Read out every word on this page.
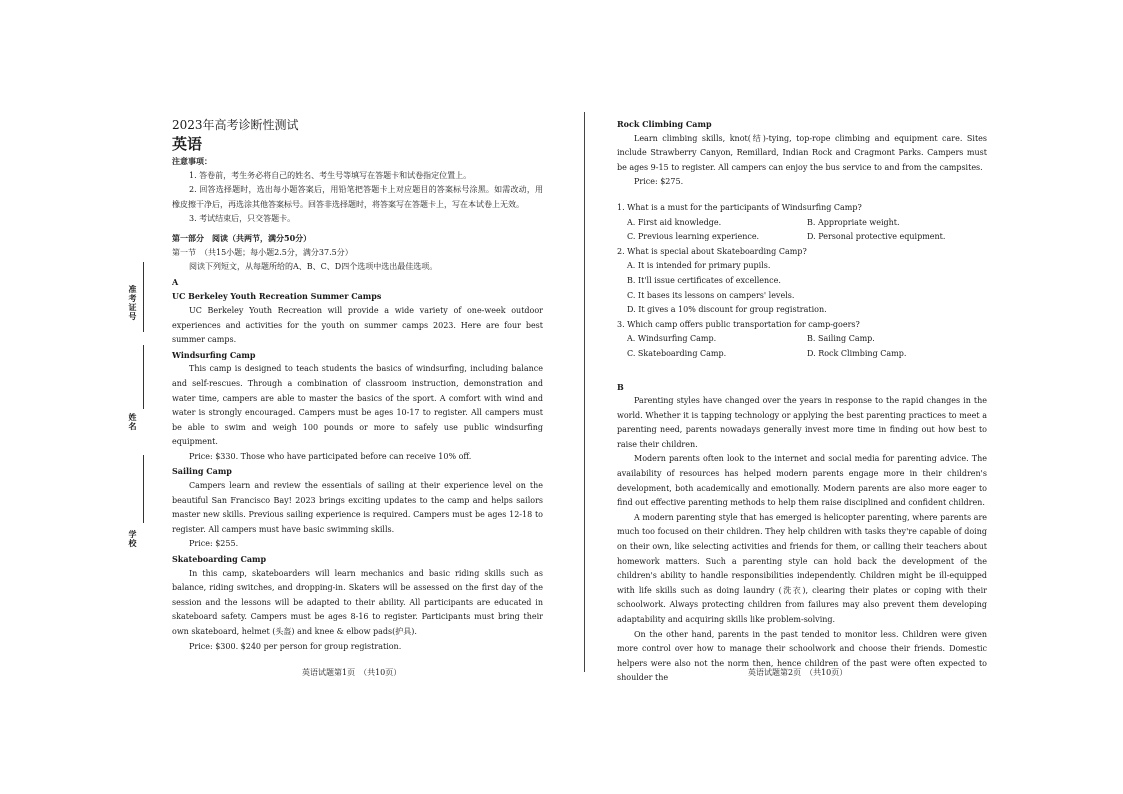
准考证号
姓名
学校

2023年高考诊断性测试

英语

注意事项：

1. 答卷前，考生务必将自己的姓名、考生号等填写在答题卡和试卷指定位置上。

2. 回答选择题时，选出每小题答案后，用铅笔把答题卡上对应题目的答案标号涂黑。如需改动，用橡皮擦干净后，再选涂其他答案标号。回答非选择题时，将答案写在答题卡上，写在本试卷上无效。

3. 考试结束后，只交答题卡。

第一部分　阅读（共两节，满分50分）

第一节　（共15小题；每小题2.5分，满分37.5分）

阅读下列短文，从每题所给的A、B、C、D四个选项中选出最佳选项。

A

UC Berkeley Youth Recreation Summer Camps

UC Berkeley Youth Recreation will provide a wide variety of one-week outdoor experiences and activities for the youth on summer camps 2023. Here are four best summer camps.

Windsurfing Camp

This camp is designed to teach students the basics of windsurfing, including balance and self-rescues. Through a combination of classroom instruction, demonstration and water time, campers are able to master the basics of the sport. A comfort with wind and water is strongly encouraged. Campers must be ages 10-17 to register. All campers must be able to swim and weigh 100 pounds or more to safely use public windsurfing equipment.

Price: $330. Those who have participated before can receive 10% off.

Sailing Camp

Campers learn and review the essentials of sailing at their experience level on the beautiful San Francisco Bay! 2023 brings exciting updates to the camp and helps sailors master new skills. Previous sailing experience is required. Campers must be ages 12-18 to register. All campers must have basic swimming skills.

Price: $255.

Skateboarding Camp

In this camp, skateboarders will learn mechanics and basic riding skills such as balance, riding switches, and dropping-in. Skaters will be assessed on the first day of the session and the lessons will be adapted to their ability. All participants are educated in skateboard safety. Campers must be ages 8-16 to register. Participants must bring their own skateboard, helmet (头盔) and knee & elbow pads(护具).

Price: $300. $240 per person for group registration.

英语试题第1页　（共10页）

Rock Climbing Camp

Learn climbing skills, knot(结)-tying, top-rope climbing and equipment care. Sites include Strawberry Canyon, Remillard, Indian Rock and Cragmont Parks. Campers must be ages 9-15 to register. All campers can enjoy the bus service to and from the campsites.

Price: $275.

1. What is a must for the participants of Windsurfing Camp?

A. First aid knowledge.	B. Appropriate weight.
C. Previous learning experience.	D. Personal protective equipment.

2. What is special about Skateboarding Camp?

A. It is intended for primary pupils.

B. It'll issue certificates of excellence.

C. It bases its lessons on campers' levels.

D. It gives a 10% discount for group registration.

3. Which camp offers public transportation for camp-goers?

A. Windsurfing Camp.	B. Sailing Camp.
C. Skateboarding Camp.	D. Rock Climbing Camp.

B

Parenting styles have changed over the years in response to the rapid changes in the world. Whether it is tapping technology or applying the best parenting practices to meet a parenting need, parents nowadays generally invest more time in finding out how best to raise their children.

Modern parents often look to the internet and social media for parenting advice. The availability of resources has helped modern parents engage more in their children's development, both academically and emotionally. Modern parents are also more eager to find out effective parenting methods to help them raise disciplined and confident children.

A modern parenting style that has emerged is helicopter parenting, where parents are much too focused on their children. They help children with tasks they're capable of doing on their own, like selecting activities and friends for them, or calling their teachers about homework matters. Such a parenting style can hold back the development of the children's ability to handle responsibilities independently. Children might be ill-equipped with life skills such as doing laundry (洗衣), clearing their plates or coping with their schoolwork. Always protecting children from failures may also prevent them developing adaptability and acquiring skills like problem-solving.

On the other hand, parents in the past tended to monitor less. Children were given more control over how to manage their schoolwork and choose their friends. Domestic helpers were also not the norm then, hence children of the past were often expected to shoulder the

英语试题第2页　（共10页）
